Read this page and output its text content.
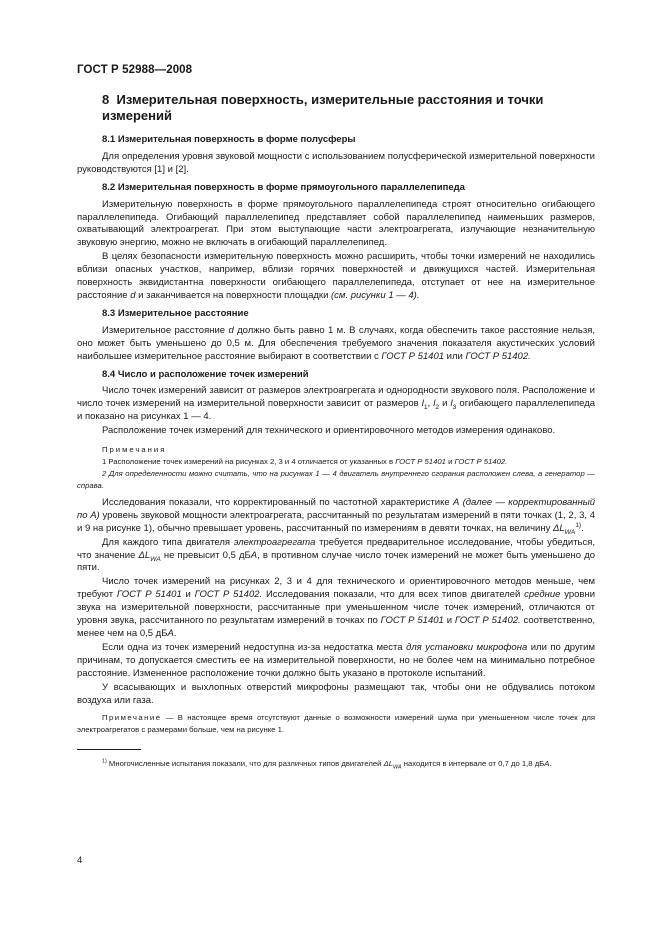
ГОСТ Р 52988—2008
8 Измерительная поверхность, измерительные расстояния и точки измерений
8.1 Измерительная поверхность в форме полусферы

Для определения уровня звуковой мощности с использованием полусферической измерительной поверхности руководствуются [1] и [2].

8.2 Измерительная поверхность в форме прямоугольного параллелепипеда

Измерительную поверхность в форме прямоугольного параллелепипеда строят относительно огибающего параллелепипеда. Огибающий параллелепипед представляет собой параллелепипед наименьших размеров, охватывающий электроагрегат. При этом выступающие части электроагрегата, излучающие незначительную звуковую энергию, можно не включать в огибающий параллелепипед.

В целях безопасности измерительную поверхность можно расширить, чтобы точки измерений не находились вблизи опасных участков, например, вблизи горячих поверхностей и движущихся частей. Измерительная поверхность эквидистантна поверхности огибающего параллелепипеда, отступает от нее на измерительное расстояние d и заканчивается на поверхности площадки (см. рисунки 1 — 4).

8.3 Измерительное расстояние

Измерительное расстояние d должно быть равно 1 м. В случаях, когда обеспечить такое расстояние нельзя, оно может быть уменьшено до 0,5 м. Для обеспечения требуемого значения показателя акустических условий наибольшее измерительное расстояние выбирают в соответствии с ГОСТ Р 51401 или ГОСТ Р 51402.

8.4 Число и расположение точек измерений

Число точек измерений зависит от размеров электроагрегата и однородности звукового поля. Расположение и число точек измерений на измерительной поверхности зависит от размеров $l_1$, $l_2$ и $l_3$ огибающего параллелепипеда и показано на рисунках 1 — 4.

Расположение точек измерений для технического и ориентировочного методов измерения одинаково.

Примечания
1 Расположение точек измерений на рисунках 2, 3 и 4 отличается от указанных в ГОСТ Р 51401 и ГОСТ Р 51402.
2 Для определенности можно считать, что на рисунках 1 — 4 двигатель внутреннего сгорания расположен слева, а генератор — справа.

Исследования показали, что корректированный по частотной характеристике А (далее — корректированный по А) уровень звуковой мощности электроагрегата, рассчитанный по результатам измерений в пяти точках (1, 2, 3, 4 и 9 на рисунке 1), обычно превышает уровень, рассчитанный по измерениям в девяти точках, на величину $\Delta L_{WA}^{1)}$.

Для каждого типа двигателя электроагрегата требуется предварительное исследование, чтобы убедиться, что значение $\Delta L_{WA}$ не превысит 0,5 дБА, в противном случае число точек измерений не может быть уменьшено до пяти.

Число точек измерений на рисунках 2, 3 и 4 для технического и ориентировочного методов меньше, чем требуют ГОСТ Р 51401 и ГОСТ Р 51402. Исследования показали, что для всех типов двигателей средние уровни звука на измерительной поверхности, рассчитанные при уменьшенном числе точек измерений, отличаются от уровня звука, рассчитанного по результатам измерений в точках по ГОСТ Р 51401 и ГОСТ Р 51402. соответственно, менее чем на 0,5 дБА.

Если одна из точек измерений недоступна из-за недостатка места для установки микрофона или по другим причинам, то допускается сместить ее на измерительной поверхности, но не более чем на минимально потребное расстояние. Измененное расположение точки должно быть указано в протоколе испытаний.

У всасывающих и выхлопных отверстий микрофоны размещают так, чтобы они не обдувались потоком воздуха или газа.

Примечание — В настоящее время отсутствуют данные о возможности измерений шума при уменьшенном числе точек для электроагрегатов с размерами больше, чем на рисунке 1.
$^{1)}$ Многочисленные испытания показали, что для различных типов двигателей $\Delta L_{WA}$ находится в интервале от 0,7 до 1,8 дБА.
4
